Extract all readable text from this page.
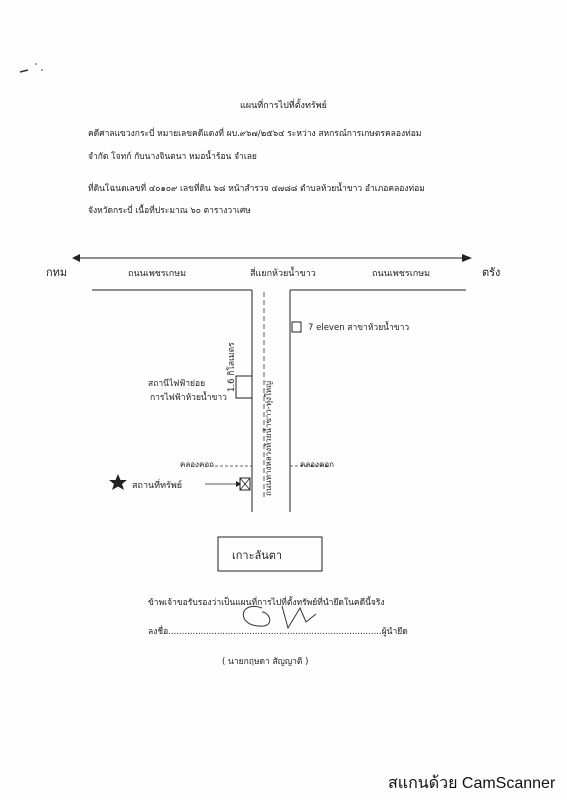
แผนที่การไปที่ตั้งทรัพย์
คดีศาลแขวงกระบี่ หมายเลขคดีแดงที่ ผบ.๙๖๗/๒๕๖๔ ระหว่าง สหกรณ์การเกษตรคลองท่อม
จำกัด โจทก์ กับนางจินตนา หมอน้ำร้อน จำเลย
ที่ดินโฉนดเลขที่ ๔๐๑๐๙ เลขที่ดิน ๖๘ หน้าสำรวจ ๔๗๘๘ ตำบลห้วยน้ำขาว อำเภอคลองท่อม
จังหวัดกระบี่ เนื้อที่ประมาณ ๖๐ ตารางวาเศษ
กทม	ถนนเพชรเกษม	สี่แยกห้วยน้ำขาว	ถนนเพชรเกษม	ตรัง
7 eleven สาขาห้วยน้ำขาว
สถานีไฟฟ้าย่อย
การไฟฟ้าห้วยน้ำขาว
1.6 กิโลเมตร
ถนนทางหลวงห้วยน้ำขาว-ทุ่งใหญ่
คลองคอก	คลองคอก
สถานที่ทรัพย์
เกาะลันตา
ข้าพเจ้าขอรับรองว่าเป็นแผนที่การไปที่ตั้งทรัพย์ที่นำยึดในคดีนี้จริง
ลงชื่อ...............................................................................ผู้นำยึด
( นายกฤษดา สัญญาติ )
สแกนด้วย CamScanner
